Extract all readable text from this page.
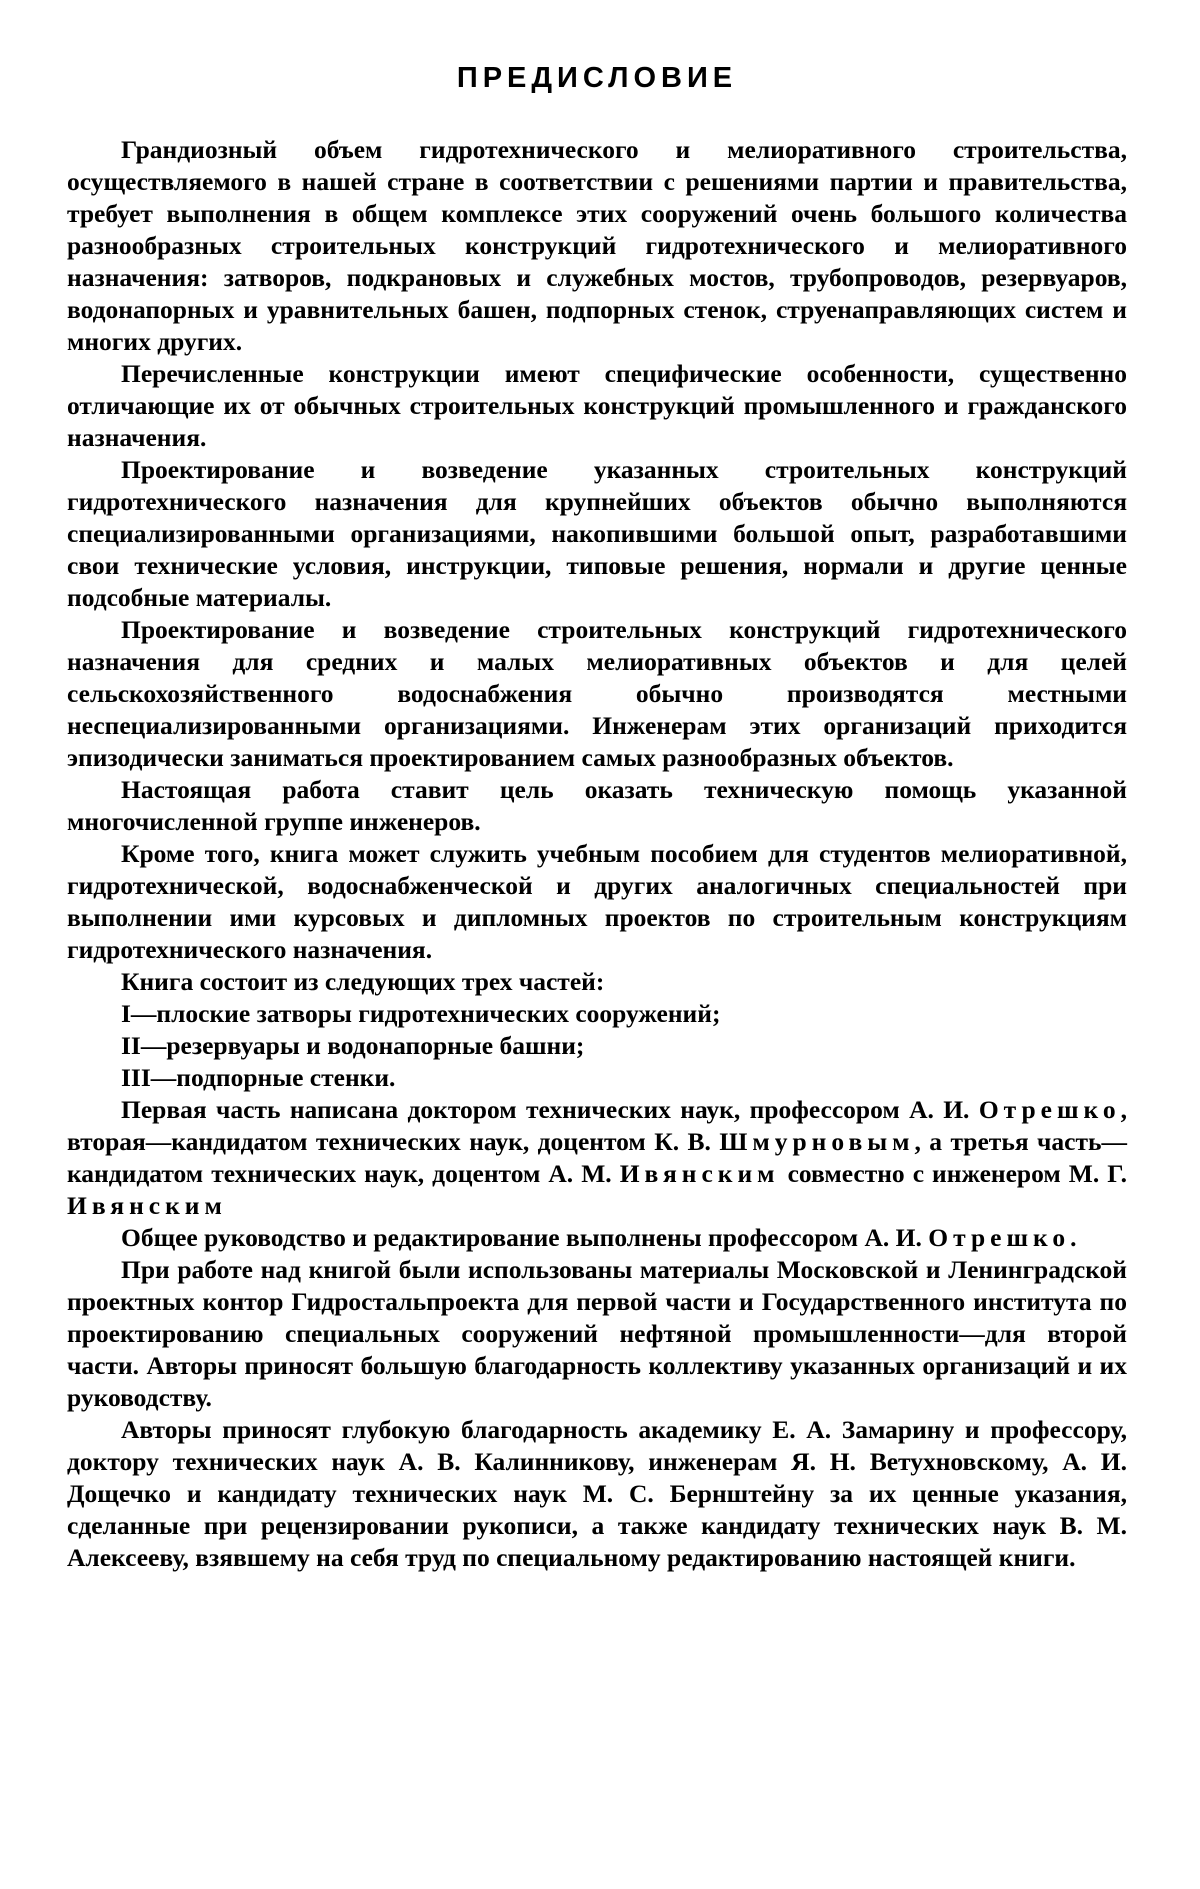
ПРЕДИСЛОВИЕ

Грандиозный объем гидротехнического и мелиоративного строительства, осуществляемого в нашей стране в соответствии с решениями партии и правительства, требует выполнения в общем комплексе этих сооружений очень большого количества разнообразных строительных конструкций гидротехнического и мелиоративного назначения: затворов, подкрановых и служебных мостов, трубопроводов, резервуаров, водонапорных и уравнительных башен, подпорных стенок, струенаправляющих систем и многих других.

Перечисленные конструкции имеют специфические особенности, существенно отличающие их от обычных строительных конструкций промышленного и гражданского назначения.

Проектирование и возведение указанных строительных конструкций гидротехнического назначения для крупнейших объектов обычно выполняются специализированными организациями, накопившими большой опыт, разработавшими свои технические условия, инструкции, типовые решения, нормали и другие ценные подсобные материалы.

Проектирование и возведение строительных конструкций гидротехнического назначения для средних и малых мелиоративных объектов и для целей сельскохозяйственного водоснабжения обычно производятся местными неспециализированными организациями. Инженерам этих организаций приходится эпизодически заниматься проектированием самых разнообразных объектов.

Настоящая работа ставит цель оказать техническую помощь указанной многочисленной группе инженеров.

Кроме того, книга может служить учебным пособием для студентов мелиоративной, гидротехнической, водоснабженческой и других аналогичных специальностей при выполнении ими курсовых и дипломных проектов по строительным конструкциям гидротехнического назначения.

Книга состоит из следующих трех частей:

I—плоские затворы гидротехнических сооружений;

II—резервуары и водонапорные башни;

III—подпорные стенки.

Первая часть написана доктором технических наук, профессором А. И. Отрешко, вторая—кандидатом технических наук, доцентом К. В. Шмурновым, а третья часть—кандидатом технических наук, доцентом А. М. Ивянским совместно с инженером М. Г. Ивянским

Общее руководство и редактирование выполнены профессором А. И. Отрешко.

При работе над книгой были использованы материалы Московской и Ленинградской проектных контор Гидростальпроекта для первой части и Государственного института по проектированию специальных сооружений нефтяной промышленности—для второй части. Авторы приносят большую благодарность коллективу указанных организаций и их руководству.

Авторы приносят глубокую благодарность академику Е. А. Замарину и профессору, доктору технических наук А. В. Калинникову, инженерам Я. Н. Ветухновскому, А. И. Дощечко и кандидату технических наук М. С. Бернштейну за их ценные указания, сделанные при рецензировании рукописи, а также кандидату технических наук В. М. Алексееву, взявшему на себя труд по специальному редактированию настоящей книги.
